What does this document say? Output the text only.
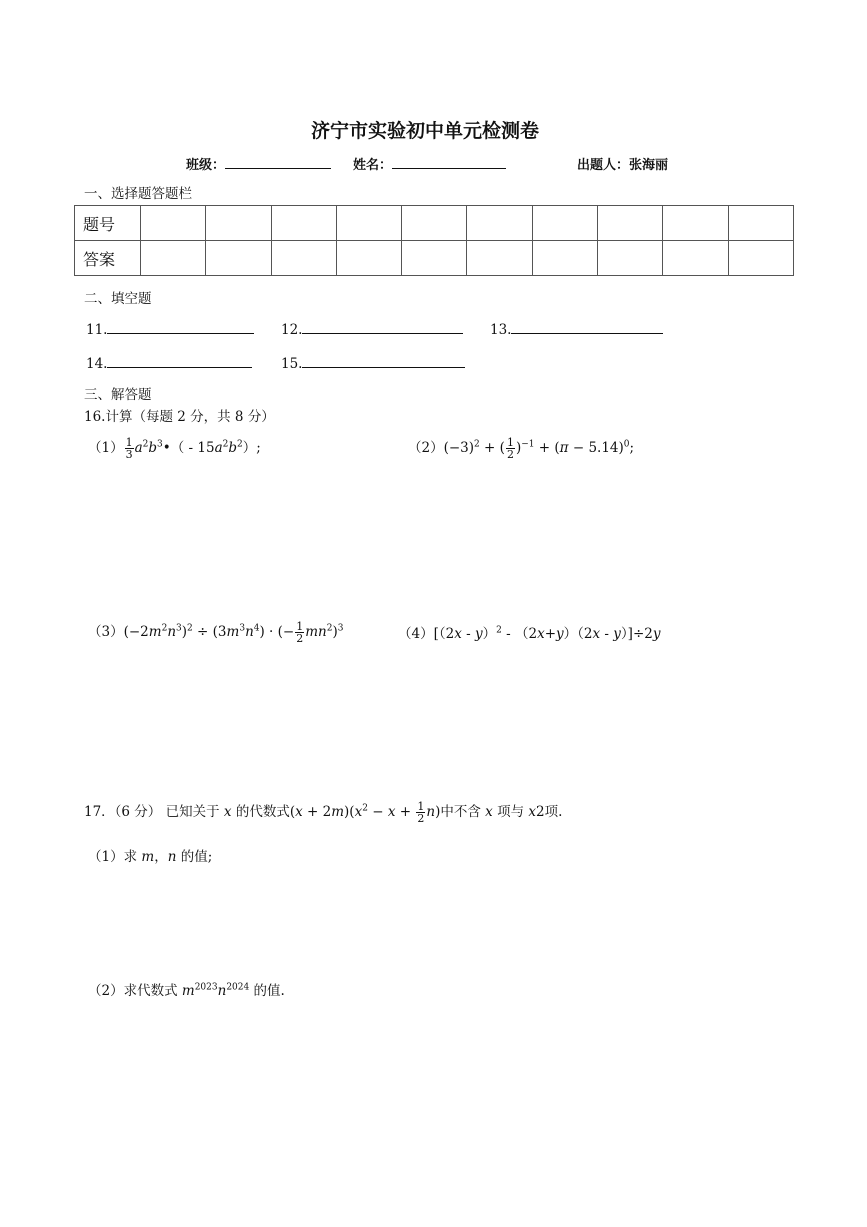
济宁市实验初中单元检测卷
班级：	姓名：	出题人：张海丽
一、选择题答题栏
题号										
答案										
二、填空题
11.	12.	13.
14.	15.
三、解答题
16.计算（每题 2 分，共 8 分）
$(1) \frac{1}{3}$ $a^2b^3•( - 15a^2b^2)$;	$(2)(-3)^2$ + ( $\frac{1}{2} )^{-1} + (\pi - 5.14)^0$;
$(3)(-2m^2n^3)^2 \div (3m^3n^4)$ · (− $\frac{1}{2} mn^2)^3$	（4）[（2x - y）$^2$ - （2x+y）（2x - y）]÷2y
17．（6 分） 已知关于 x 的代数式$(x + 2m)(x^2 - x + \frac{1}{2} n)$中不含 x 项与 x2项.
（1）求 m，n 的值;
（2）求代数式 $m^{2023}n^{2024}$ 的值.
